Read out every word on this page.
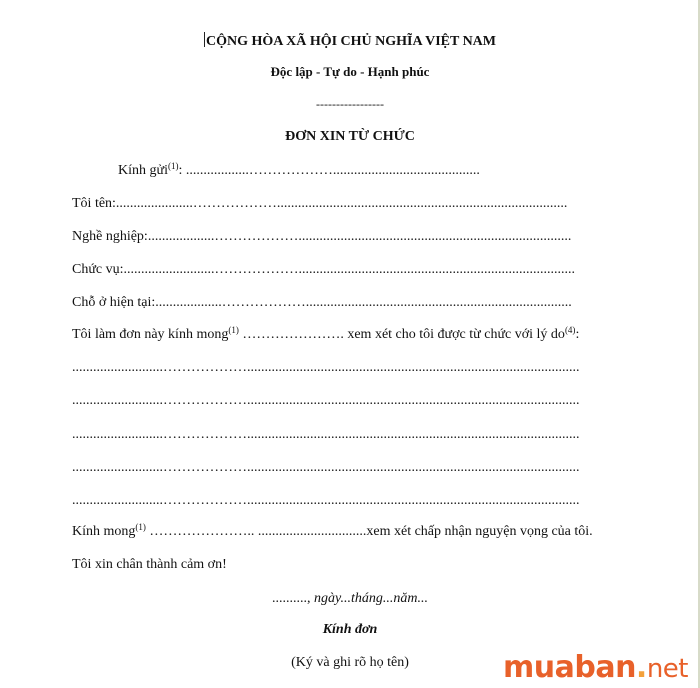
CỘNG HÒA XÃ HỘI CHỦ NGHĨA VIỆT NAM
Độc lập - Tự do - Hạnh phúc
-----------------
ĐƠN XIN TỪ CHỨC
Kính gửi$^{(1)}$: ..................………………..........................................
Tôi tên:......................………………...................................................................................
Nghề nghiệp:...................………………..............................................................................
Chức vụ:..........................………………...............................................................................
Chỗ ở hiện tại:...................………………............................................................................
Tôi làm đơn này kính mong$^{(1)}$ …………………. xem xét cho tôi được từ chức với lý $do^{(4)}$:
..........................………………...............................................................................................
..........................………………...............................................................................................
..........................………………...............................................................................................
..........................………………...............................................................................................
..........................………………...............................................................................................
Kính mong$^{(1)}$ ………………….. ...............................xem xét chấp nhận nguyện vọng của tôi.
Tôi xin chân thành cảm ơn!
.........., ngày...tháng...năm...
Kính đơn
(Ký và ghi rõ họ tên)	muaban.net
